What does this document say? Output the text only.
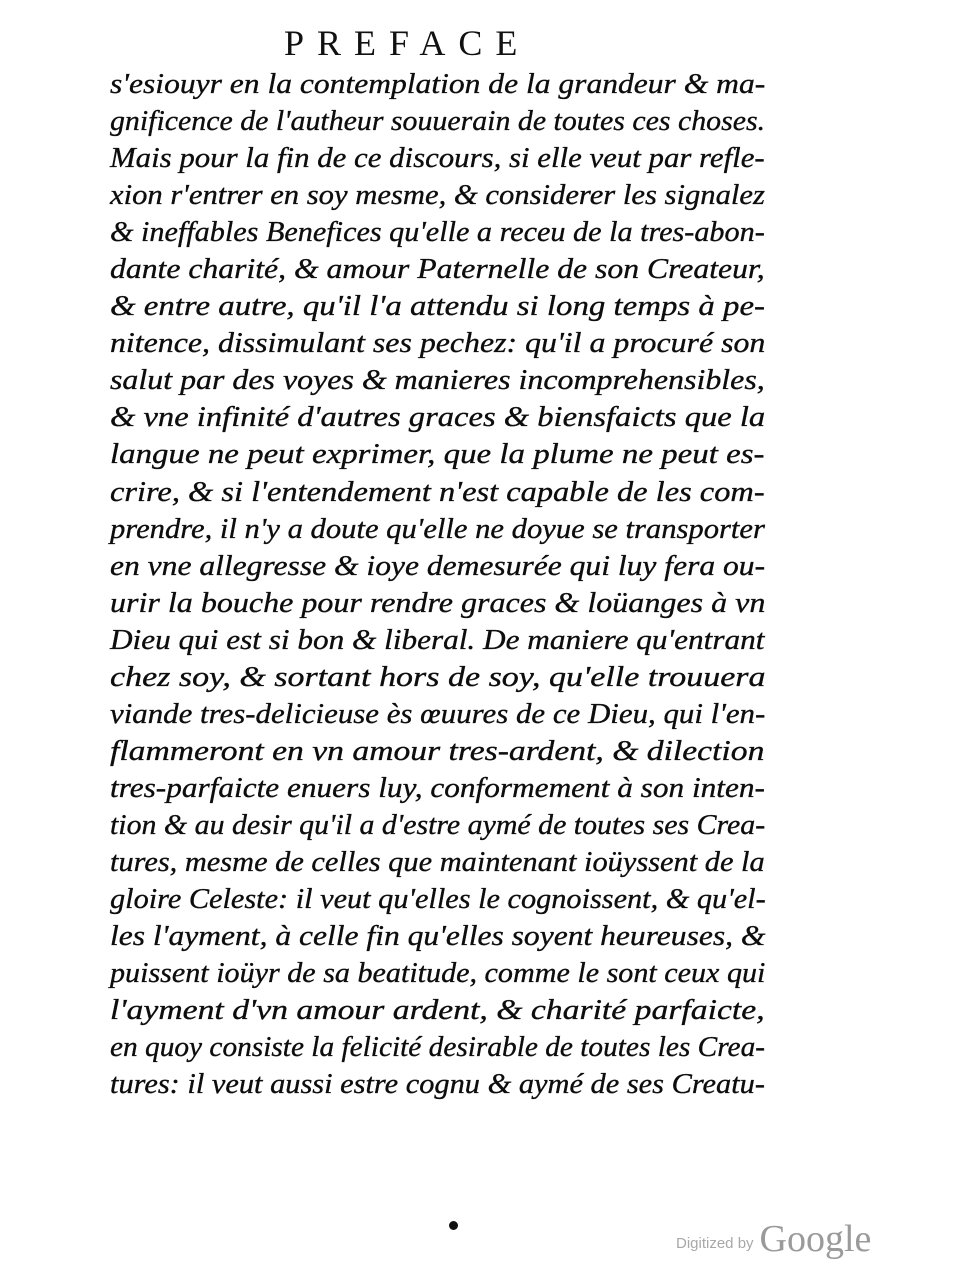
PREFACE
s'esiouyr en la contemplation de la grandeur & ma-
gnificence de l'autheur souuerain de toutes ces choses.
Mais pour la fin de ce discours, si elle veut par refle-
xion r'entrer en soy mesme, & considerer les signalez
& ineffables Benefices qu'elle a receu de la tres-abon-
dante charité, & amour Paternelle de son Createur,
& entre autre, qu'il l'a attendu si long temps à pe-
nitence, dissimulant ses pechez: qu'il a procuré son
salut par des voyes & manieres incomprehensibles,
& vne infinité d'autres graces & biensfaicts que la
langue ne peut exprimer, que la plume ne peut es-
crire, & si l'entendement n'est capable de les com-
prendre, il n'y a doute qu'elle ne doyue se transporter
en vne allegresse & ioye demesurée qui luy fera ou-
urir la bouche pour rendre graces & loüanges à vn
Dieu qui est si bon & liberal. De maniere qu'entrant
chez soy, & sortant hors de soy, qu'elle trouuera
viande tres-delicieuse ès œuures de ce Dieu, qui l'en-
flammeront en vn amour tres-ardent, & dilection
tres-parfaicte enuers luy, conformement à son inten-
tion & au desir qu'il a d'estre aymé de toutes ses Crea-
tures, mesme de celles que maintenant ioüyssent de la
gloire Celeste: il veut qu'elles le cognoissent, & qu'el-
les l'ayment, à celle fin qu'elles soyent heureuses, &
puissent ioüyr de sa beatitude, comme le sont ceux qui
l'ayment d'vn amour ardent, & charité parfaicte,
en quoy consiste la felicité desirable de toutes les Crea-
tures: il veut aussi estre cognu & aymé de ses Creatu-
Digitized by Google
